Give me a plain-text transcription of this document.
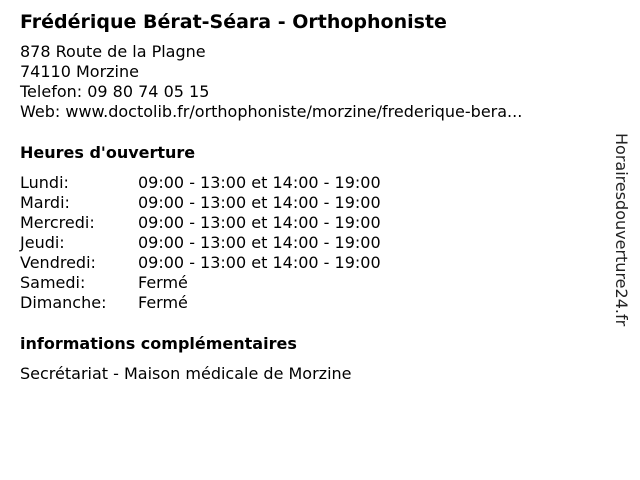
Frédérique Bérat-Séara - Orthophoniste
878 Route de la Plagne
74110 Morzine
Telefon: 09 80 74 05 15
Web: www.doctolib.fr/orthophoniste/morzine/frederique-bera...
Heures d'ouverture
Lundi:	09:00 - 13:00 et 14:00 - 19:00
Mardi:	09:00 - 13:00 et 14:00 - 19:00
Mercredi:	09:00 - 13:00 et 14:00 - 19:00
Jeudi:	09:00 - 13:00 et 14:00 - 19:00
Vendredi:	09:00 - 13:00 et 14:00 - 19:00
Samedi:	Fermé
Dimanche:	Fermé
informations complémentaires
Secrétariat - Maison médicale de Morzine
Horairesdouverture24.fr
